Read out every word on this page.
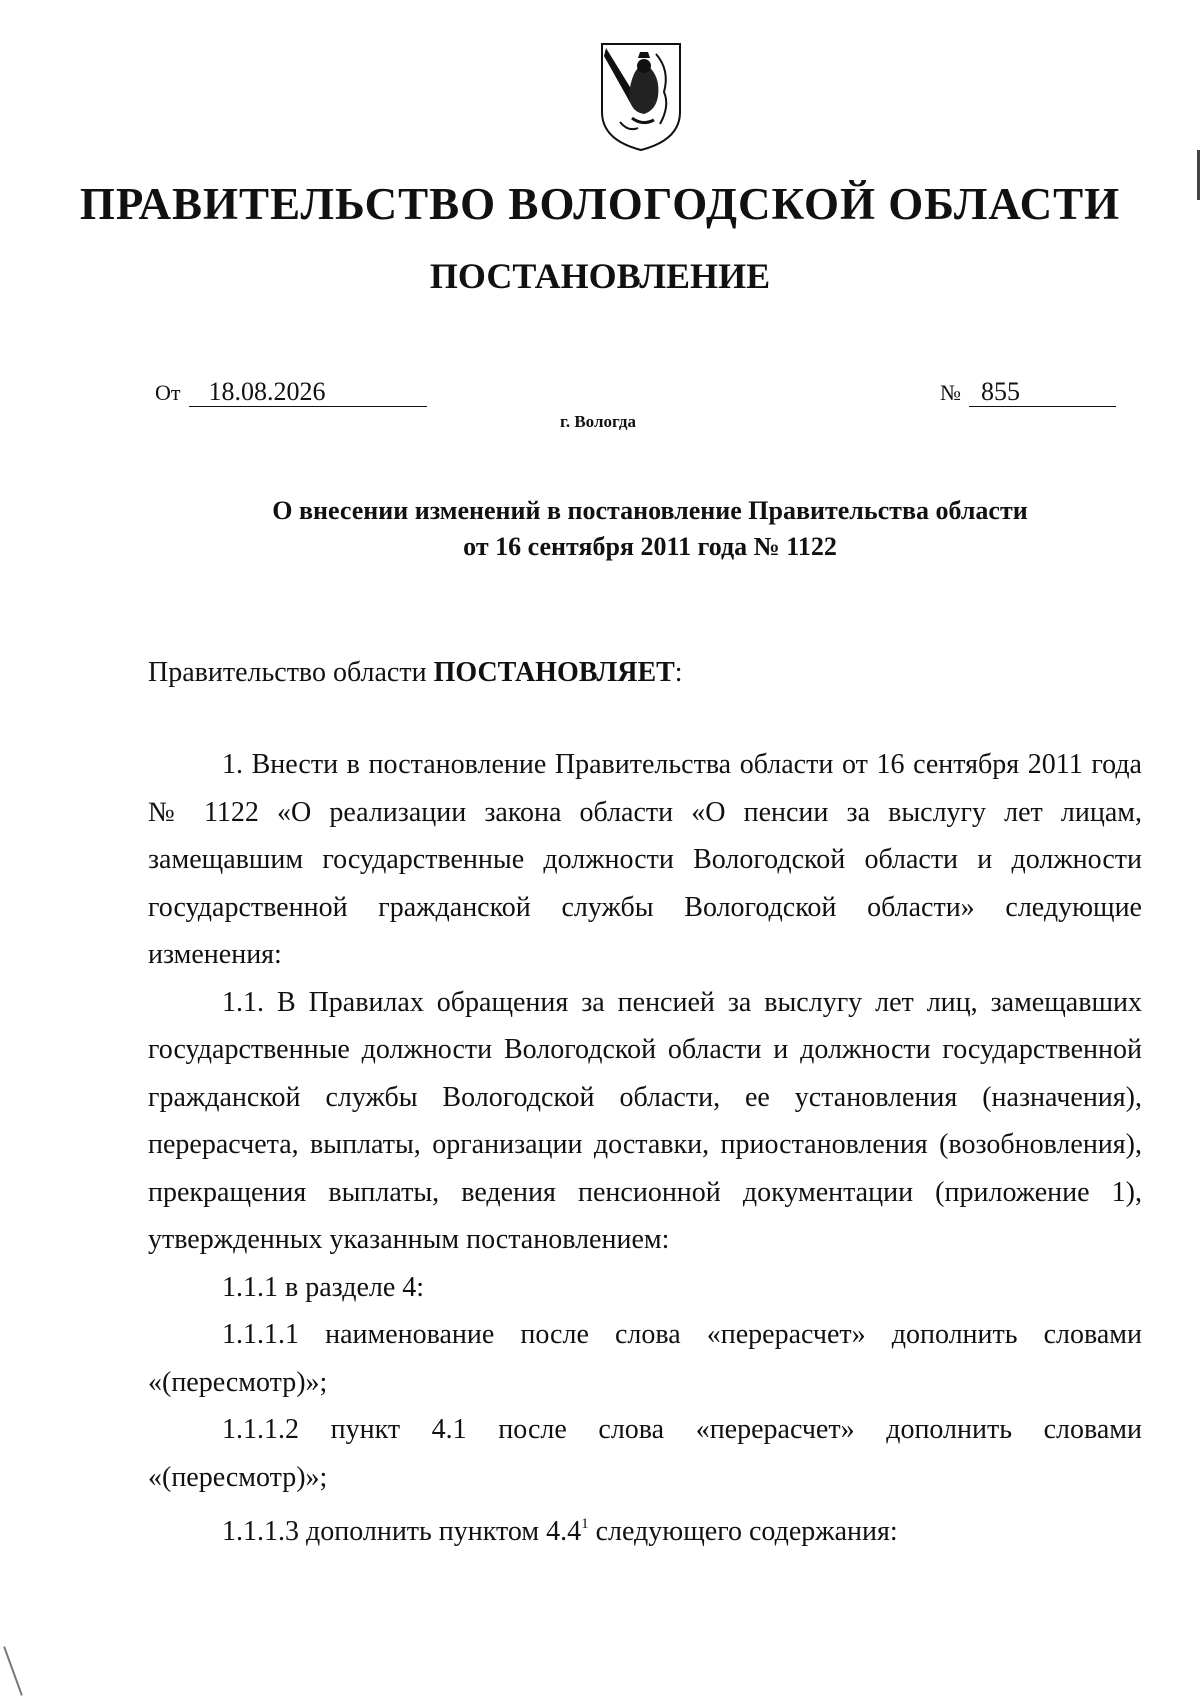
ПРАВИТЕЛЬСТВО ВОЛОГОДСКОЙ ОБЛАСТИ
ПОСТАНОВЛЕНИЕ
От 18.08.2026	№ 855
г. Вологда
О внесении изменений в постановление Правительства области
от 16 сентября 2011 года № 1122
Правительство области ПОСТАНОВЛЯЕТ:

1. Внести в постановление Правительства области от 16 сентября 2011 года № 1122 «О реализации закона области «О пенсии за выслугу лет лицам, замещавшим государственные должности Вологодской области и должности государственной гражданской службы Вологодской области» следующие изменения:

1.1. В Правилах обращения за пенсией за выслугу лет лиц, замещавших государственные должности Вологодской области и должности государственной гражданской службы Вологодской области, ее установления (назначения), перерасчета, выплаты, организации доставки, приостановления (возобновления), прекращения выплаты, ведения пенсионной документации (приложение 1), утвержденных указанным постановлением:

1.1.1 в разделе 4:

1.1.1.1 наименование после слова «перерасчет» дополнить словами «(пересмотр)»;

1.1.1.2 пункт 4.1 после слова «перерасчет» дополнить словами «(пересмотр)»;

1.1.1.3 дополнить пунктом $4.4^1$ следующего содержания:
